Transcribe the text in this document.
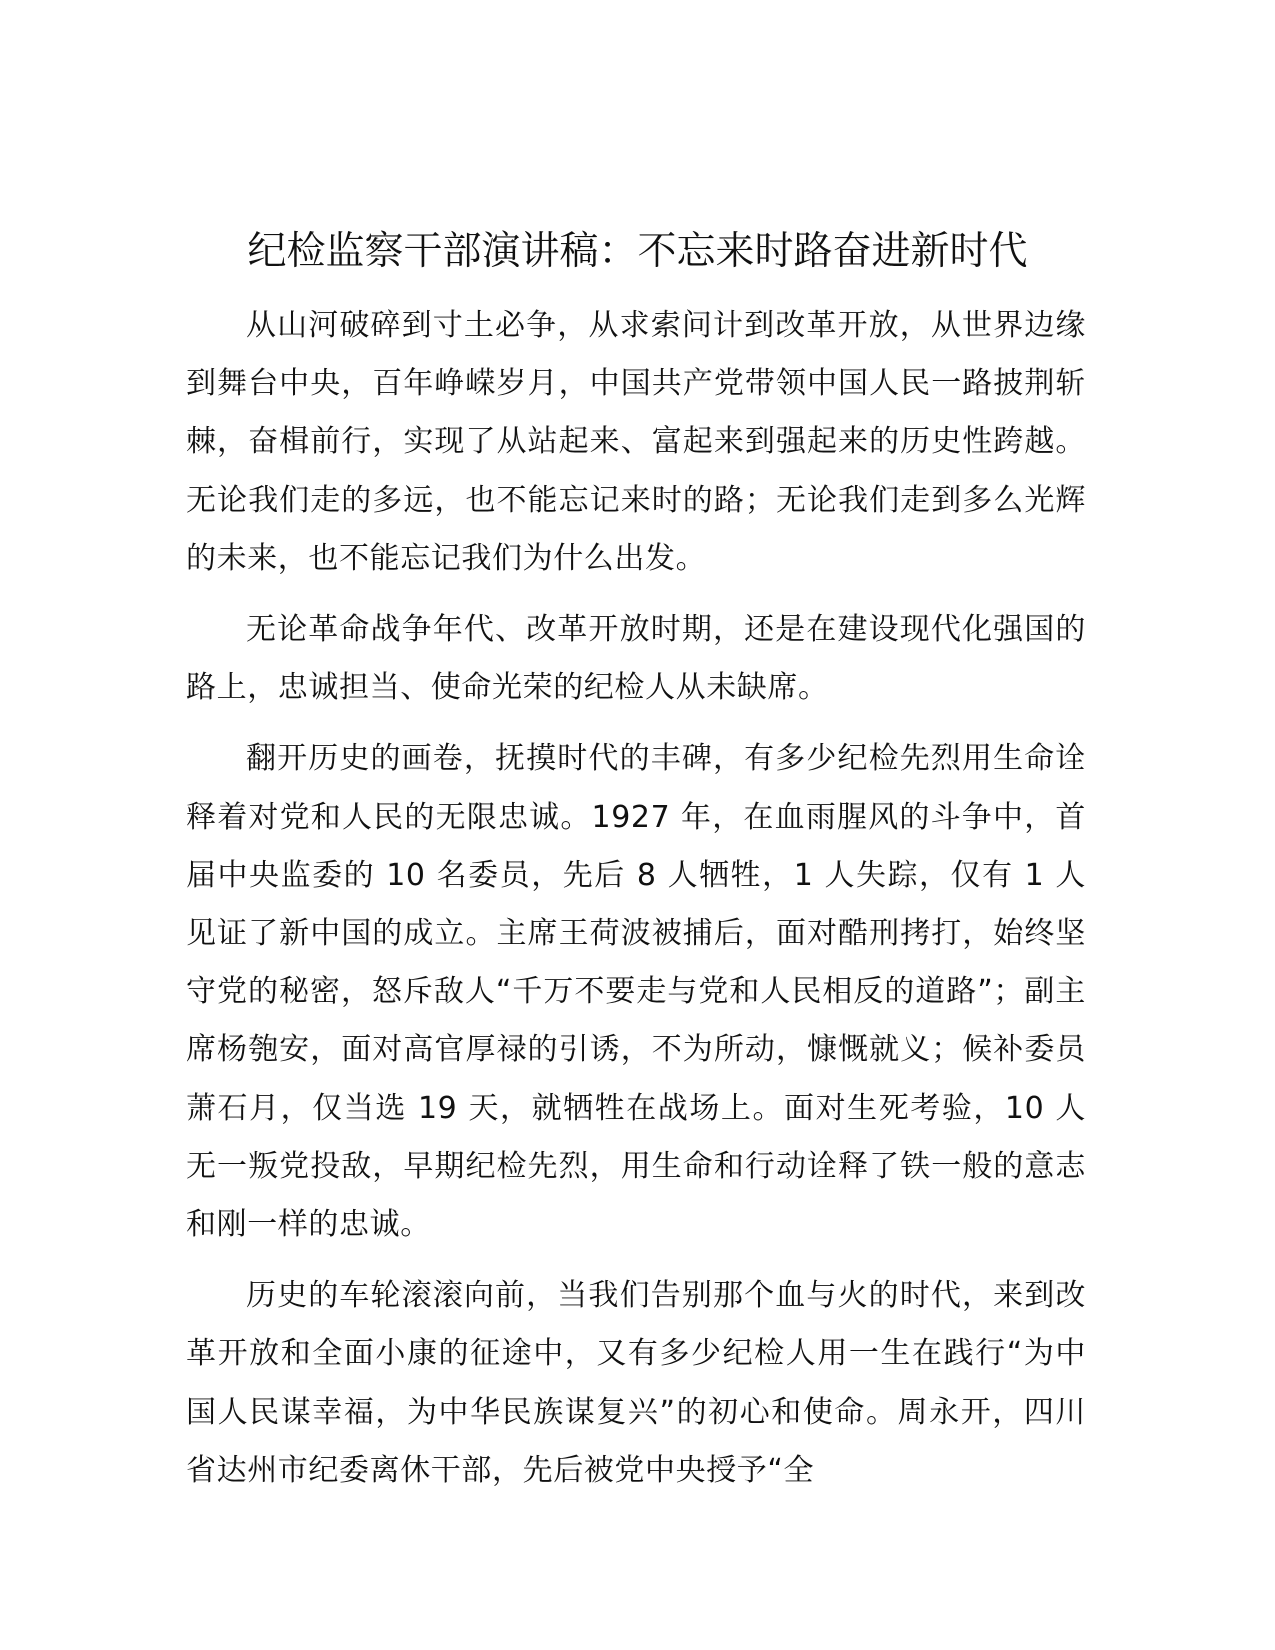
纪检监察干部演讲稿：不忘来时路奋进新时代

从山河破碎到寸土必争，从求索问计到改革开放，从世界边缘到舞台中央，百年峥嵘岁月，中国共产党带领中国人民一路披荆斩棘，奋楫前行，实现了从站起来、富起来到强起来的历史性跨越。无论我们走的多远，也不能忘记来时的路；无论我们走到多么光辉的未来，也不能忘记我们为什么出发。

无论革命战争年代、改革开放时期，还是在建设现代化强国的路上，忠诚担当、使命光荣的纪检人从未缺席。

翻开历史的画卷，抚摸时代的丰碑，有多少纪检先烈用生命诠释着对党和人民的无限忠诚。1927 年，在血雨腥风的斗争中，首届中央监委的 10 名委员，先后 8 人牺牲，1 人失踪，仅有 1 人见证了新中国的成立。主席王荷波被捕后，面对酷刑拷打，始终坚守党的秘密，怒斥敌人“千万不要走与党和人民相反的道路”；副主席杨匏安，面对高官厚禄的引诱，不为所动，慷慨就义；候补委员萧石月，仅当选 19 天，就牺牲在战场上。面对生死考验，10 人无一叛党投敌，早期纪检先烈，用生命和行动诠释了铁一般的意志和刚一样的忠诚。

历史的车轮滚滚向前，当我们告别那个血与火的时代，来到改革开放和全面小康的征途中，又有多少纪检人用一生在践行“为中国人民谋幸福，为中华民族谋复兴”的初心和使命。周永开，四川省达州市纪委离休干部，先后被党中央授予“全
